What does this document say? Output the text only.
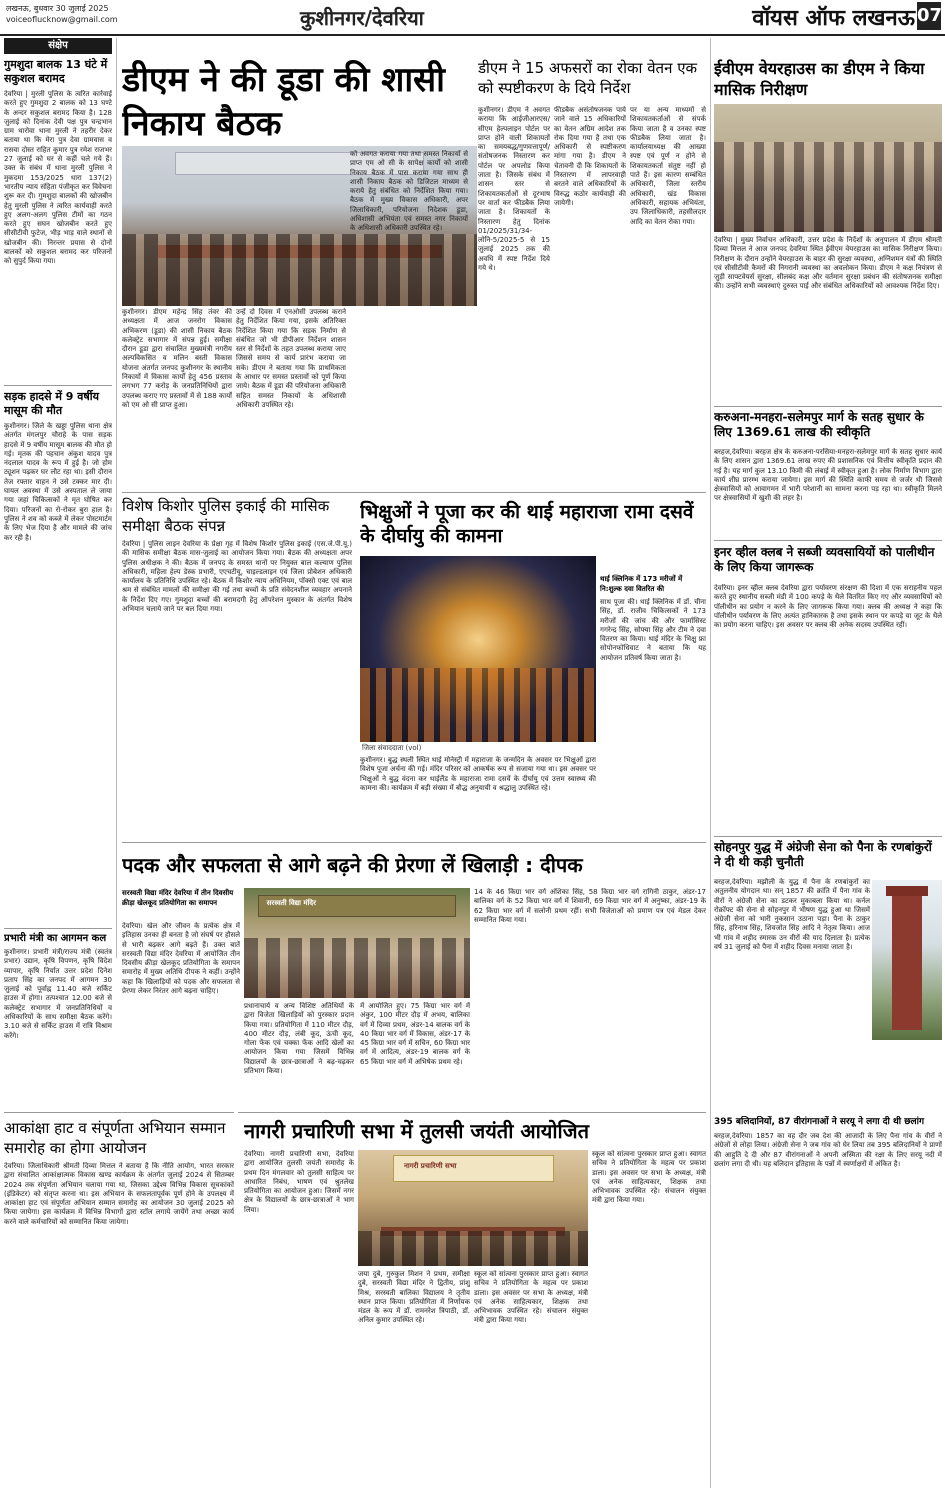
लखनऊ, बुधवार 30 जुलाई 2025
voiceoflucknow@gmail.com	कुशीनगर/देवरिया	वॉयस ऑफ लखनऊ 07
संक्षेप
गुमशुदा बालक 13 घंटे में सकुशल बरामद
देवरिया | मुरली पुलिस के त्वरित कार्रवाई करते हुए गुमशुदा 2 बालक को 13 घण्टे के अन्दर सकुशल बरामद किया है। 128 जुलाई को दिनांक देवी पक्ष पुत्र चन्द्रभान ग्राम थारोवा थाना मुरली ने तहरीर देकर बताया था कि मेरा पुत्र देवा ग्रामवास व रासवा दोस्त राहित कुमार पुत्र रमेश राजभर 27 जुलाई को घर से कहीं चले गये हैं। उक्त के संबंध में थाना मुरली पुलिस ने मुकदमा 153/2025 धारा 137(2) भारतीय न्याय संहिता पंजीकृत कर विवेचना शुरू कर दी। गुमशुदा बालकों की खोजबीन हेतु मुरली पुलिस ने त्वरित कार्यवाही करते हुए अलग-अलग पुलिस टीमों का गठन करते हुए सघन खोजबीन करते हुए सीसीटीवी फुटेज, भीड़ भाड़ वाले स्थानों से खोजबीन की। निरन्तर प्रयास से दोनों बालकों को सकुशल बरामद कर परिजनों को सुपुर्द किया गया।
सड़क हादसे में 9 वर्षीय मासूम की मौत
कुशीनगर। जिले के खड्डा पुलिस थाना क्षेत्र अंतर्गत मंगलपुर चौराहे के पास सड़क हादसे में 9 वर्षीय मासूम बालक की मौत हो गई। मृतक की पहचान अंकुश यादव पुत्र नंदलाल यादव के रूप में हुई है। जो होम ट्यूशन पढ़कर घर लौट रहा था। इसी दौरान तेज रफ्तार वाहन ने उसे टक्कर मार दी। घायल अवस्था में उसे अस्पताल ले जाया गया जहां चिकित्सकों ने मृत घोषित कर दिया। परिजनों का रो-रोकर बुरा हाल है। पुलिस ने शव को कब्जे में लेकर पोस्टमार्टम के लिए भेज दिया है और मामले की जांच कर रही है।
प्रभारी मंत्री का आगमन कल
कुशीनगर। प्रभारी मंत्री/राज्य मंत्री (स्वतंत्र प्रभार) उद्यान, कृषि विपणन, कृषि विदेश व्यापार, कृषि निर्यात उत्तर प्रदेश दिनेश प्रताप सिंह का जनपद में आगमन 30 जुलाई को पूर्वाह्न 11.40 बजे सर्किट हाउस में होगा। तत्पश्चात 12.00 बजे से कलेक्ट्रेट सभागार में जनप्रतिनिधियों व अधिकारियों के साथ समीक्षा बैठक करेंगे। 3.10 बजे से सर्किट हाउस में रात्रि विश्राम करेंगे।
डीएम ने की डूडा की शासी निकाय बैठक
कुशीनगर। डीएम महेन्द्र सिंह तंवर की अध्यक्षता में आज जनरोग विकास अभिकरण (डूडा) की शासी निकाय बैठक कलेक्ट्रेट सभागार में संपन्न हुई। समीक्षा दौरान डूडा द्वारा संचालित मुख्यमंत्री नगरीय अल्पविकसित व मलिन बस्ती विकास योजना अंतर्गत जनपद कुशीनगर के स्थानीय निकायों में विकास कार्यों हेतु 456 प्रस्ताव लगभग 77 करोड़ के जनप्रतिनिधियों द्वारा उपलब्ध कराए गए प्रस्तावों में से 188 कार्यों को एम ओ सी प्राप्त हुआ।
उन्हें दो दिवस में एनओसी उपलब्ध कराने हेतु निर्देशित किया गया, इसके अतिरिक्त निर्देशित किया गया कि सड़क निर्माण से संबंधित जो भी डीपीआर निर्देशन शासन स्तर से निर्देशों के तहत उपलब्ध कराया जाए जिससे समय से कार्य प्रारंभ कराया जा सके। डीएम ने बताया गया कि प्राथमिकता के आधार पर समस्त प्रस्तावों को पूर्ण किया जाये। बैठक में डूडा की परियोजना अधिकारी सहित समस्त निकायों के अधिशासी अधिकारी उपस्थित रहे।
को अवगत कराया गया तथा समस्त निकायों से प्राप्त एम ओ सी के सापेक्ष कार्यों को शासी निकाय बैठक में पास कराया गया साथ ही शासी निकाय बैठक को डिजिटल माध्यम से कराये हेतु संबंधित को निर्देशित किया गया। बैठक में मुख्य विकास अधिकारी, अपर जिलाधिकारी, परियोजना निदेशक डूडा, अधिशासी अभियंता एवं समस्त नगर निकायों के अधिशासी अधिकारी उपस्थित रहे।
डीएम ने 15 अफसरों का रोका वेतन एक को स्पष्टीकरण के दिये निर्देश
कुशीनगर। डीएम ने अवगत कराया कि आईजीआरएस/ सीएम हेल्पलाइन पोर्टल पर प्राप्त होने वाली शिकायतों का समयबद्ध/गुणवत्तापूर्ण/संतोषजनक निस्तारण कर पोर्टल पर अपलोड किया जाता है। जिसके संबंध में शासन स्तर से शिकायतकर्ताओं से दूरभाष पर वार्ता कर फीडबैक लिया जाता है। शिकायतों के निस्तारण हेतु दिनांक 01/2025/31/34-लोनि-5/2025-5 से 15 जुलाई 2025 तक की अवधि में स्पष्ट निर्देश दिये गये थे।
फीडबैक असंतोषजनक पाये जाने वाले 15 अधिकारियों का वेतन अग्रिम आदेश तक रोक दिया गया है तथा एक अधिकारी से स्पष्टीकरण मांगा गया है। डीएम ने चेतावनी दी कि शिकायतों के निस्तारण में लापरवाही बरतने वाले अधिकारियों के विरुद्ध कठोर कार्यवाही की जायेगी।
पर या अन्य माध्यमों से शिकायतकर्ताओं से संपर्क किया जाता है व उनका स्पष्ट फीडबैक लिया जाता है। कार्यालयाध्यक्ष की आख्या स्पष्ट एवं पूर्ण न होने से शिकायतकर्ता संतुष्ट नहीं हो पाते हैं। इस कारण सम्बंधित अधिकारी, जिला स्तरीय अधिकारी, खंड विकास अधिकारी, सहायक अभियंता, उप जिलाधिकारी, तहसीलदार आदि का वेतन रोका गया।
ईवीएम वेयरहाउस का डीएम ने किया मासिक निरीक्षण
देवरिया | मुख्य निर्वाचन अधिकारी, उत्तर प्रदेश के निर्देशों के अनुपालन में डीएम श्रीमती दिव्या मित्तल ने आज जनपद देवरिया स्थित ईवीएम वेयरहाउस का मासिक निरीक्षण किया। निरीक्षण के दौरान उन्होंने वेयरहाउस के बाहर की सुरक्षा व्यवस्था, अग्निशमन यंत्रों की स्थिति एवं सीसीटीवी कैमरों की निगरानी व्यवस्था का अवलोकन किया। डीएम ने कक्ष नियंत्रण से जुड़ी साफ्टवेयर्स सुरक्षा, सीलबंद कक्ष और वर्तमान सुरक्षा प्रबंधन की संतोषजनक समीक्षा की। उन्होंने सभी व्यवस्थाएं दुरुस्त पाई और संबंधित अधिकारियों को आवश्यक निर्देश दिए।
करुअना-मनहरा-सलेमपुर मार्ग के सतह सुधार के लिए 1369.61 लाख की स्वीकृति
बरहज,देवरिया। बरहज क्षेत्र के करुअना-परसिया-मनहरा-सलेमपुर मार्ग के सतह सुधार कार्य के लिए शासन द्वारा 1369.61 लाख रुपए की प्रशासनिक एवं वित्तीय स्वीकृति प्रदान की गई है। यह मार्ग कुल 13.10 किमी की लंबाई में स्वीकृत हुआ है। लोक निर्माण विभाग द्वारा कार्य शीघ्र प्रारम्भ कराया जायेगा। इस मार्ग की स्थिति काफी समय से जर्जर थी जिससे क्षेत्रवासियों को आवागमन में भारी परेशानी का सामना करना पड़ रहा था। स्वीकृति मिलने पर क्षेत्रवासियों में खुशी की लहर है।
विशेष किशोर पुलिस इकाई की मासिक समीक्षा बैठक संपन्न
देवरिया | पुलिस लाइन देवरिया के प्रेक्षा गृह में विशेष किशोर पुलिस इकाई (एस.जे.पी.यू.) की मासिक समीक्षा बैठक मास-जुलाई का आयोजन किया गया। बैठक की अध्यक्षता अपर पुलिस अधीक्षक ने की। बैठक में जनपद के समस्त थानों पर नियुक्त बाल कल्याण पुलिस अधिकारी, महिला हेल्प डेस्क प्रभारी, एएचटीयू, चाइल्डलाइन एवं जिला प्रोबेशन अधिकारी कार्यालय के प्रतिनिधि उपस्थित रहे। बैठक में किशोर न्याय अधिनियम, पॉक्सो एक्ट एवं बाल श्रम से संबंधित मामलों की समीक्षा की गई तथा बच्चों के प्रति संवेदनशील व्यवहार अपनाने के निर्देश दिए गए। गुमशुदा बच्चों की बरामदगी हेतु ऑपरेशन मुस्कान के अंतर्गत विशेष अभियान चलाये जाने पर बल दिया गया।
भिक्षुओं ने पूजा कर की थाई महाराजा रामा दसवें के दीर्घायु की कामना
जिला संवाददाता (vol)
थाई क्लिनिक में 173 मरीजों में नि:शुल्क दवा वितरित की
साथ पूजा की। थाई क्लिनिक में डॉ. चीना सिंह, डॉ. राजीव चिकित्सकों ने 173 मरीजों की जांच की और फार्मासिस्ट गगरेन्द्र सिंह, सोफ्या सिंह और टीम ने दवा वितरण का किया। थाई मंदिर के भिक्षु फ्रा सोपोनफोधिवाट ने बताया कि यह आयोजन प्रतिवर्ष किया जाता है।
कुशीनगर। बुद्ध स्थली स्थित थाई मोनेस्ट्री में महाराजा के जन्मदिन के अवसर पर भिक्षुओं द्वारा विशेष पूजा अर्चना की गई। मंदिर परिसर को आकर्षक रूप से सजाया गया था। इस अवसर पर भिक्षुओं ने बुद्ध वंदना कर थाईलैंड के महाराजा रामा दसवें के दीर्घायु एवं उत्तम स्वास्थ्य की कामना की। कार्यक्रम में बड़ी संख्या में बौद्ध अनुयायी व श्रद्धालु उपस्थित रहे।
इनर व्हील क्लब ने सब्जी व्यवसायियों को पालीथीन के लिए किया जागरूक
देवरिया। इनर व्हील क्लब देवरिया द्वारा पर्यावरण संरक्षण की दिशा में एक सराहनीय पहल करते हुए स्थानीय सब्जी मंडी में 100 कपड़े के थैले वितरित किए गए और व्यवसायियों को पॉलीथीन का प्रयोग न करने के लिए जागरूक किया गया। क्लब की अध्यक्ष ने कहा कि पॉलीथीन पर्यावरण के लिए अत्यंत हानिकारक है तथा इसके स्थान पर कपड़े या जूट के थैले का प्रयोग करना चाहिए। इस अवसर पर क्लब की अनेक सदस्य उपस्थित रहीं।
सोहनपुर युद्ध में अंग्रेजी सेना को पैना के रणबांकुरों ने दी थी कड़ी चुनौती
बरहज,देवरिया। मझौली के युद्ध में पैना के रणबांकुरों का अतुलनीय योगदान था। सन् 1857 की क्रांति में पैना गांव के वीरों ने अंग्रेजी सेना का डटकर मुकाबला किया था। कर्नल रोक्रॉफ्ट की सेना से सोहनपुर में भीषण युद्ध हुआ था जिसमें अंग्रेजी सेना को भारी नुकसान उठाना पड़ा। पैना के ठाकुर सिंह, हरिनाथ सिंह, शिवजोत सिंह आदि ने नेतृत्व किया। आज भी गांव में शहीद स्मारक उन वीरों की याद दिलाता है। प्रत्येक वर्ष 31 जुलाई को पैना में शहीद दिवस मनाया जाता है।
395 बलिदानियों, 87 वीरांगनाओं ने सरयू ने लगा दी थी छलांग
बरहज,देवरिया। 1857 का वह दौर जब देश की आजादी के लिए पैना गांव के वीरों ने अंग्रेजों से लोहा लिया। अंग्रेजी सेना ने जब गांव को घेर लिया तब 395 बलिदानियों ने प्राणों की आहुति दे दी और 87 वीरांगनाओं ने अपनी अस्मिता की रक्षा के लिए सरयू नदी में छलांग लगा दी थी। यह बलिदान इतिहास के पन्नों में स्वर्णाक्षरों में अंकित है।
पदक और सफलता से आगे बढ़ने की प्रेरणा लें खिलाड़ी : दीपक
सरस्वती विद्या मंदिर देवरिया में तीन दिवसीय क्रीड़ा खेलकूद प्रतियोगिता का समापन
देवरिया। खेल और जीवन के प्रत्येक क्षेत्र में इतिहास उनका ही बनता है जो संघर्ष पर हौसले से भारी बढ़कर आगे बढ़ते हैं। उक्त बातें सरस्वती विद्या मंदिर देवरिया में आयोजित तीन दिवसीय क्रीड़ा खेलकूद प्रतियोगिता के समापन समारोह में मुख्य अतिथि दीपक ने कहीं। उन्होंने कहा कि खिलाड़ियों को पदक और सफलता से प्रेरणा लेकर निरंतर आगे बढ़ना चाहिए।
सरस्वती विद्या मंदिर
प्रधानाचार्य व अन्य विशिष्ट अतिथियों के द्वारा विजेता खिलाड़ियों को पुरस्कार प्रदान किया गया। प्रतियोगिता में 110 मीटर दौड़, 400 मीटर दौड़, लंबी कूद, ऊंची कूद, गोला फेंक एवं चक्का फेंक आदि खेलों का आयोजन किया गया जिसमें विभिन्न विद्यालयों के छात्र-छात्राओं ने बढ़-चढ़कर प्रतिभाग किया।
में आयोजित हुए। 75 किग्रा भार वर्ग में अंकुर, 100 मीटर दौड़ में अभय, बालिका वर्ग में दिव्या प्रथम, अंडर-14 बालक वर्ग के 40 किग्रा भार वर्ग में विकास, अंडर-17 के 45 किग्रा भार वर्ग में सचिन, 60 किग्रा भार वर्ग में आदित्य, अंडर-19 बालक वर्ग के 65 किग्रा भार वर्ग में अभिषेक प्रथम रहे।
14 के 46 किग्रा भार वर्ग अंशिका सिंह, 58 किग्रा भार वर्ग रागिनी ठाकुर, अंडर-17 बालिका वर्ग के 52 किग्रा भार वर्ग में शिवानी, 69 किग्रा भार वर्ग में अनुष्का, अंडर-19 के 62 किग्रा भार वर्ग में सलोनी प्रथम रहीं। सभी विजेताओं को प्रमाण पत्र एवं मेडल देकर सम्मानित किया गया।
आकांक्षा हाट व संपूर्णता अभियान सम्मान समारोह का होगा आयोजन
देवरिया। जिलाधिकारी श्रीमती दिव्या मित्तल ने बताया है कि नीति आयोग, भारत सरकार द्वारा संचालित आकांक्षात्मक विकास खण्ड कार्यक्रम के अंतर्गत जुलाई 2024 से सितम्बर 2024 तक संपूर्णता अभियान चलाया गया था, जिसका उद्देश्य विभिन्न विकास सूचकांकों (इंडिकेटर) को संतृप्त करना था। इस अभियान के सफलतापूर्वक पूर्ण होने के उपलक्ष्य में आकांक्षा हाट एवं संपूर्णता अभियान सम्मान समारोह का आयोजन 30 जुलाई 2025 को किया जायेगा। इस कार्यक्रम में विभिन्न विभागों द्वारा स्टॉल लगाये जायेंगे तथा अच्छा कार्य करने वाले कर्मचारियों को सम्मानित किया जायेगा।
नागरी प्रचारिणी सभा में तुलसी जयंती आयोजित
देवरिया। नागरी प्रचारिणी सभा, देवरिया द्वारा आयोजित तुलसी जयंती समारोह के प्रथम दिन मंगलवार को तुलसी साहित्य पर आधारित निबंध, भाषण एवं श्रुतलेख प्रतियोगिता का आयोजन हुआ। जिसमें नगर क्षेत्र के विद्यालयों के छात्र-छात्राओं ने भाग लिया।
नागरी प्रचारिणी सभा
जया दुबे, गुरुकुल मिशन ने प्रथम, समीक्षा दुबे, सरस्वती विद्या मंदिर ने द्वितीय, प्रांशु मिश्र, सरस्वती बालिका विद्यालय ने तृतीय स्थान प्राप्त किया। प्रतियोगिता में निर्णायक मंडल के रूप में डॉ. रामनरेश त्रिपाठी, डॉ. अनिल कुमार उपस्थित रहे।
स्कूल को सांत्वना पुरस्कार प्राप्त हुआ। स्वागत सचिव ने प्रतियोगिता के महत्व पर प्रकाश डाला। इस अवसर पर सभा के अध्यक्ष, मंत्री एवं अनेक साहित्यकार, शिक्षक तथा अभिभावक उपस्थित रहे। संचालन संयुक्त मंत्री द्वारा किया गया।
स्कूल को सांत्वना पुरस्कार प्राप्त हुआ। स्वागत सचिव ने प्रतियोगिता के महत्व पर प्रकाश डाला। इस अवसर पर सभा के अध्यक्ष, मंत्री एवं अनेक साहित्यकार, शिक्षक तथा अभिभावक उपस्थित रहे। संचालन संयुक्त मंत्री द्वारा किया गया।
